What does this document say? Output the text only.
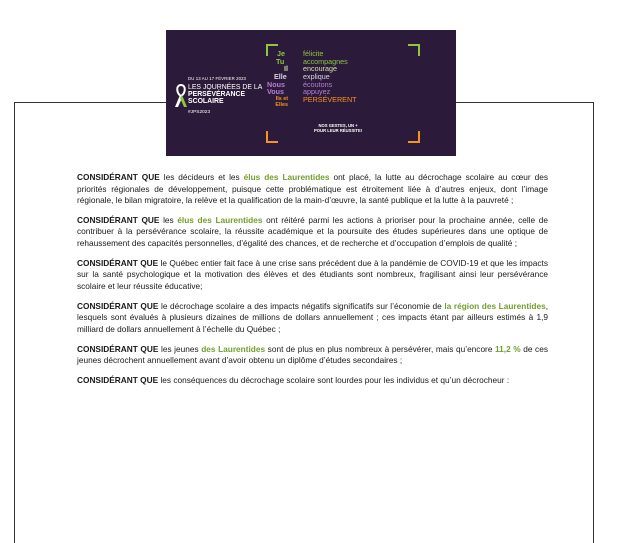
DU 13 AU 17 FÉVRIER 2023
LES JOURNÉES DE LA
PERSÉVÉRANCE
SCOLAIRE
#JPS2023
Je	félicite
Tu	accompagnes
Il encourage
Elle explique
Nous	écoutons
Vous	appuyez
Ils et Elles
PERSÉVERENT
NOS GESTES, UN +
POUR LEUR RÉUSSITE!

CONSIDÉRANT QUE les décideurs et les élus des Laurentides ont placé, la lutte au décrochage scolaire au cœur des priorités régionales de développement, puisque cette problématique est étroitement liée à d’autres enjeux, dont l’image régionale, le bilan migratoire, la relève et la qualification de la main-d’œuvre, la santé publique et la lutte à la pauvreté ;

CONSIDÉRANT QUE les élus des Laurentides ont réitéré parmi les actions à prioriser pour la prochaine année, celle de contribuer à la persévérance scolaire, la réussite académique et la poursuite des études supérieures dans une optique de rehaussement des capacités personnelles, d’égalité des chances, et de recherche et d’occupation d’emplois de qualité ;

CONSIDÉRANT QUE le Québec entier fait face à une crise sans précédent due à la pandémie de COVID-19 et que les impacts sur la santé psychologique et la motivation des élèves et des étudiants sont nombreux, fragilisant ainsi leur persévérance scolaire et leur réussite éducative;

CONSIDÉRANT QUE le décrochage scolaire a des impacts négatifs significatifs sur l’économie de la région des Laurentides, lesquels sont évalués à plusieurs dizaines de millions de dollars annuellement ; ces impacts étant par ailleurs estimés à 1,9 milliard de dollars annuellement à l’échelle du Québec ;

CONSIDÉRANT QUE les jeunes des Laurentides sont de plus en plus nombreux à persévérer, mais qu’encore 11,2 % de ces jeunes décrochent annuellement avant d’avoir obtenu un diplôme d’études secondaires ;

CONSIDÉRANT QUE les conséquences du décrochage scolaire sont lourdes pour les individus et qu’un décrocheur :
